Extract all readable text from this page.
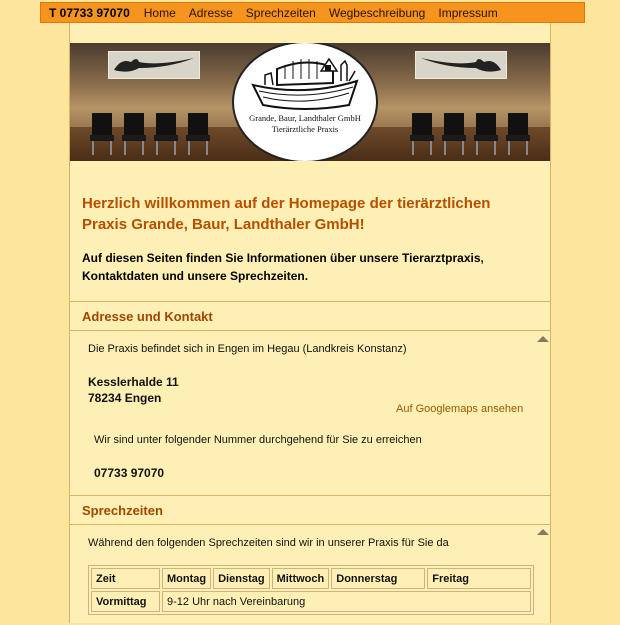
T 07733 97070 Home Adresse Sprechzeiten Wegbeschreibung Impressum
Grande, Baur, Landthaler GmbH
Tierärztliche Praxis
Herzlich willkommen auf der Homepage der tierärztlichen Praxis Grande, Baur, Landthaler GmbH!

Auf diesen Seiten finden Sie Informationen über unsere Tierarztpraxis, Kontaktdaten und unsere Sprechzeiten.

Adresse und Kontakt
Die Praxis befindet sich in Engen im Hegau (Landkreis Konstanz)
Kesslerhalde 11
78234 Engen
Auf Googlemaps ansehen
Wir sind unter folgender Nummer durchgehend für Sie zu erreichen
07733 97070
Sprechzeiten
Während den folgenden Sprechzeiten sind wir in unserer Praxis für Sie da
Zeit	Montag	Dienstag	Mittwoch	Donnerstag	Freitag
Vormittag	9-12 Uhr nach Vereinbarung				
